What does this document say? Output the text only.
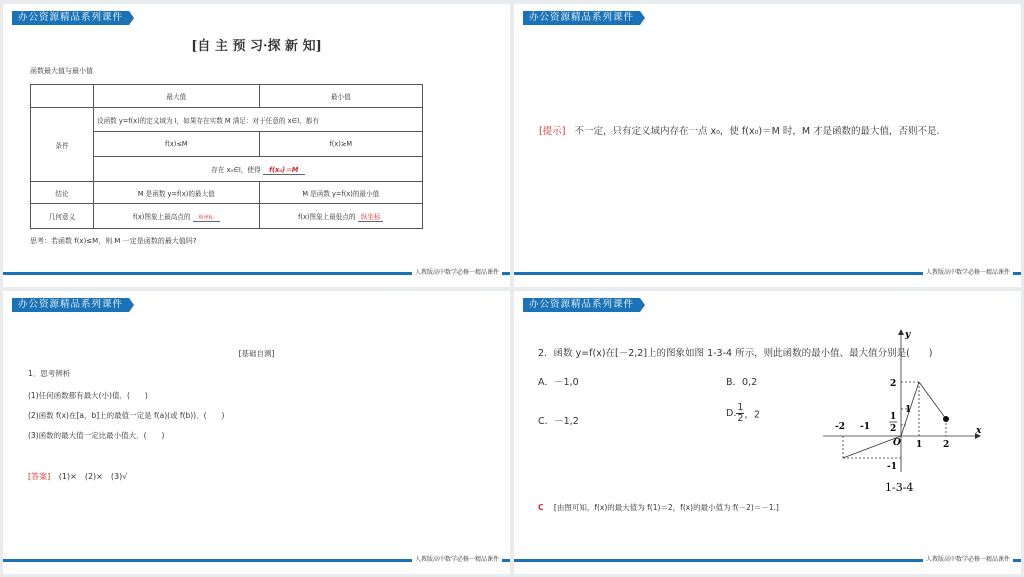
办公资源精品系列课件
[自 主 预 习·探 新 知]
函数最大值与最小值
	最大值	最小值
条件	设函数 y=f(x)的定义域为 I，如果存在实数 M 满足：对于任意的 x∈I，都有	
	f(x)≤M	f(x)≥M
	存在 x₀∈I，使得 f(x₀)＝M	
结论	M 是函数 y=f(x)的最大值	M 是函数 y=f(x)的最小值
几何意义	f(x)图象上最高点的 纵坐标	f(x)图象上最低点的 纵坐标
思考：若函数 f(x)≤M，则 M 一定是函数的最大值吗?
人教版高中数学必修一精品课件
办公资源精品系列课件
[提示] 不一定，只有定义域内存在一点 x₀，使 f(x₀)＝M 时，M 才是函数的最大值，否则不是.
人教版高中数学必修一精品课件
办公资源精品系列课件
[基础自测]
1．思考辨析
(1)任何函数都有最大(小)值．(　　)
(2)函数 f(x)在[a，b]上的最值一定是 f(a)(或 f(b))．(　　)
(3)函数的最大值一定比最小值大．(　　)
[答案] (1)×　(2)×　(3)√
人教版高中数学必修一精品课件
办公资源精品系列课件
2．函数 y=f(x)在[－2,2]上的图象如图 1-3-4 所示，则此函数的最小值、最大值分别是(　　)
A．－1,0	B．0,2
C．－1,2
D. $\frac{1}{2}$ ，2
y
x
O
-2 -1
1 2
2
1
1
2
-1
1-3-4
C [由图可知，f(x)的最大值为 f(1)＝2，f(x)的最小值为 f(－2)＝－1.]
人教版高中数学必修一精品课件
